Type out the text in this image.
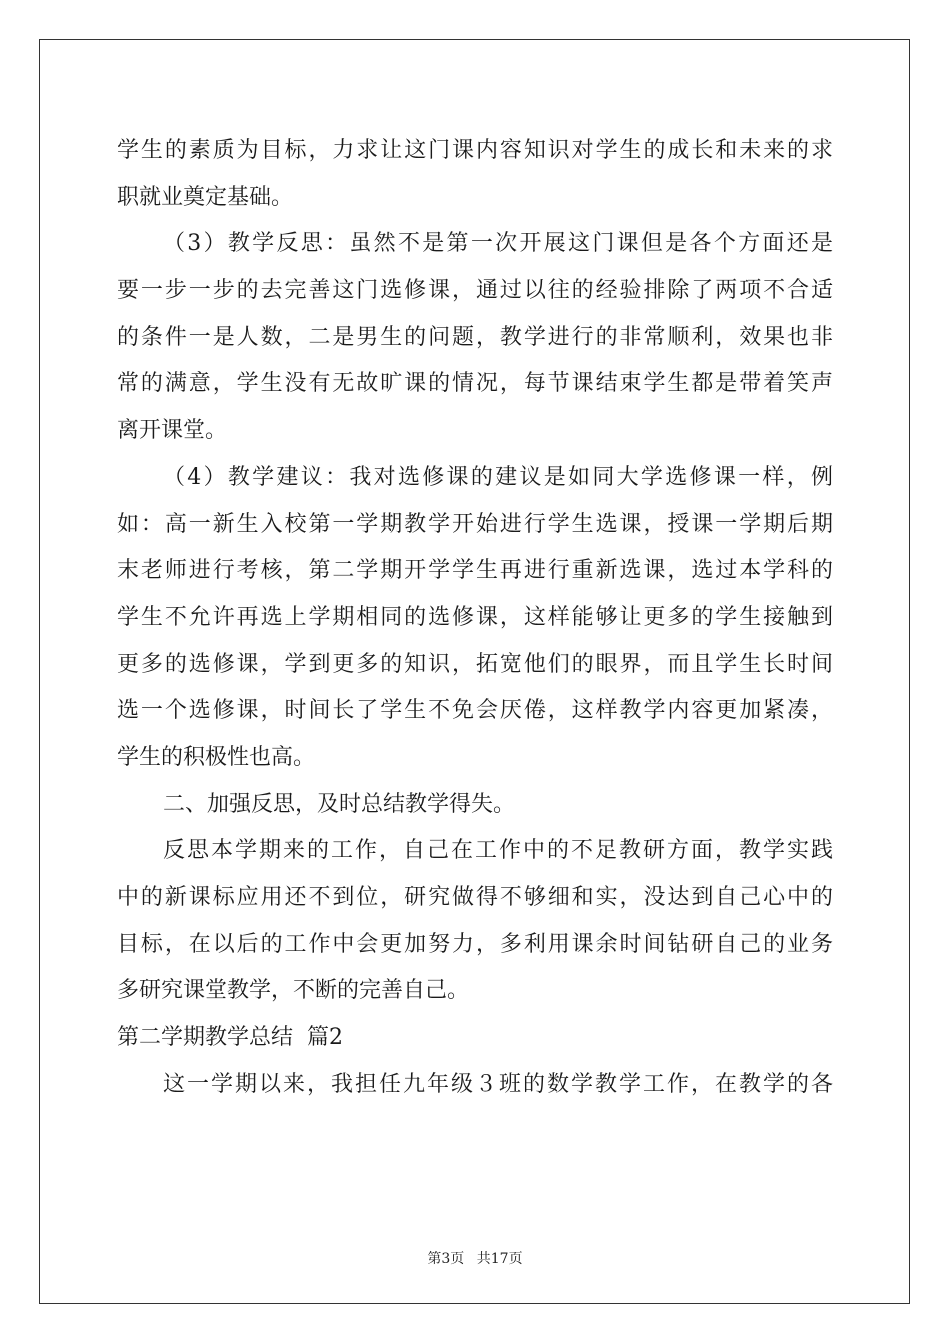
学生的素质为目标，力求让这门课内容知识对学生的成长和未来的求
职就业奠定基础。
（3）教学反思：虽然不是第一次开展这门课但是各个方面还是
要一步一步的去完善这门选修课，通过以往的经验排除了两项不合适
的条件一是人数，二是男生的问题，教学进行的非常顺利，效果也非
常的满意，学生没有无故旷课的情况，每节课结束学生都是带着笑声
离开课堂。
（4）教学建议：我对选修课的建议是如同大学选修课一样，例
如：高一新生入校第一学期教学开始进行学生选课，授课一学期后期
末老师进行考核，第二学期开学学生再进行重新选课，选过本学科的
学生不允许再选上学期相同的选修课，这样能够让更多的学生接触到
更多的选修课，学到更多的知识，拓宽他们的眼界，而且学生长时间
选一个选修课，时间长了学生不免会厌倦，这样教学内容更加紧凑，
学生的积极性也高。
二、加强反思，及时总结教学得失。
反思本学期来的工作，自己在工作中的不足教研方面，教学实践
中的新课标应用还不到位，研究做得不够细和实，没达到自己心中的
目标，在以后的工作中会更加努力，多利用课余时间钻研自己的业务
多研究课堂教学，不断的完善自己。
第二学期教学总结  篇2
这一学期以来，我担任九年级３班的数学教学工作，在教学的各
第3页 共17页
